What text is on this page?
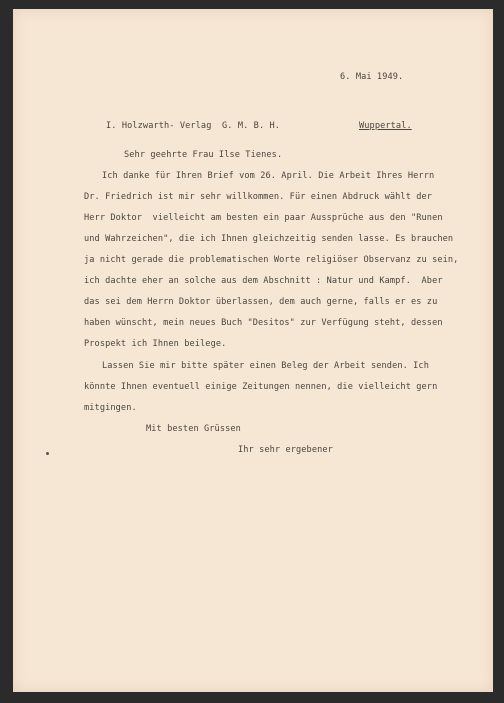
6. Mai 1949.
I. Holzwarth- Verlag  G. M. B. H.	Wuppertal.
Sehr geehrte Frau Ilse Tienes.
Ich danke für Ihren Brief vom 26. April. Die Arbeit Ihres Herrn
Dr. Friedrich ist mir sehr willkommen. Für einen Abdruck wählt der
Herr Doktor  vielleicht am besten ein paar Aussprüche aus den "Runen
und Wahrzeichen", die ich Ihnen gleichzeitig senden lasse. Es brauchen
ja nicht gerade die problematischen Worte religiöser Observanz zu sein,
ich dachte eher an solche aus dem Abschnitt : Natur und Kampf.  Aber
das sei dem Herrn Doktor überlassen, dem auch gerne, falls er es zu
haben wünscht, mein neues Buch "Desitos" zur Verfügung steht, dessen
Prospekt ich Ihnen beilege.
Lassen Sie mir bitte später einen Beleg der Arbeit senden. Ich
könnte Ihnen eventuell einige Zeitungen nennen, die vielleicht gern
mitgingen.
Mit besten Grüssen
Ihr sehr ergebener
